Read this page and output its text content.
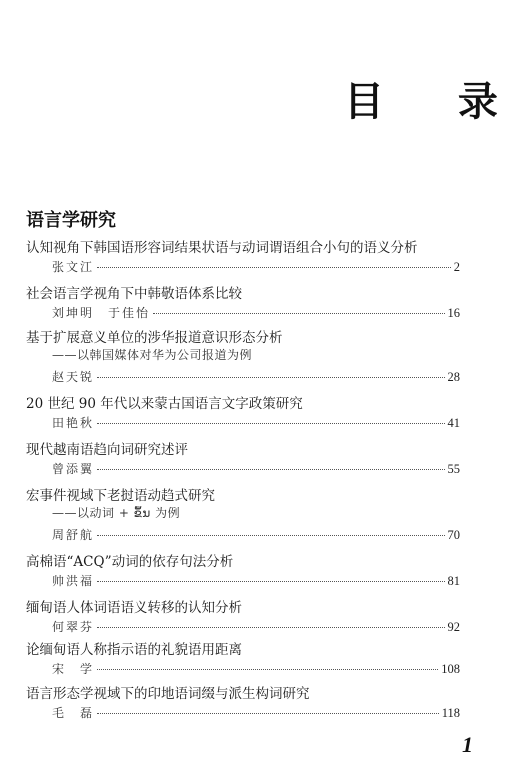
目 录
语言学研究
认知视角下韩国语形容词结果状语与动词谓语组合小句的语义分析
张文江	2
社会语言学视角下中韩敬语体系比较
刘坤明　于佳怡	16
基于扩展意义单位的涉华报道意识形态分析
——以韩国媒体对华为公司报道为例
赵天锐	28
20 世纪 90 年代以来蒙古国语言文字政策研究
田艳秋	41
现代越南语趋向词研究述评
曾添翼	55
宏事件视域下老挝语动趋式研究
——以动词 + ຂຶ້ນ 为例
周舒航	70
高棉语“ACQ”动词的依存句法分析
帅洪福	81
缅甸语人体词语语义转移的认知分析
何翠芬	92
论缅甸语人称指示语的礼貌语用距离
宋　学	108
语言形态学视域下的印地语词缀与派生构词研究
毛　磊	118
1
